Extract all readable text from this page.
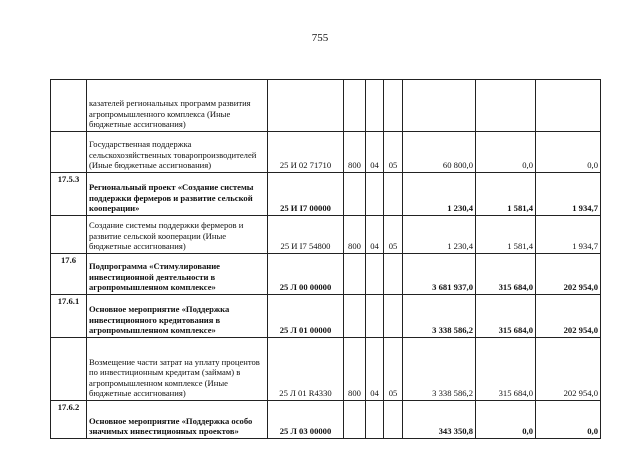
755
	казателей региональных программ развития агропромышленного комплекса (Иные бюджетные ассигнования)							
	Государственная поддержка сельскохозяйственных товаропроизводителей (Иные бюджетные ассигнования)	25 И 02 71710	800	04	05	60 800,0	0,0	0,0
17.5.3	Региональный проект «Создание системы поддержки фермеров и развитие сельской кооперации»	25 И I7 00000				1 230,4	1 581,4	1 934,7
	Создание системы поддержки фермеров и развитие сельской кооперации (Иные бюджетные ассигнования)	25 И I7 54800	800	04	05	1 230,4	1 581,4	1 934,7
17.6	Подпрограмма «Стимулирование инвестиционной деятельности в агропромышленном комплексе»	25 Л 00 00000				3 681 937,0	315 684,0	202 954,0
17.6.1	Основное мероприятие «Поддержка инвестиционного кредитования в агропромышленном комплексе»	25 Л 01 00000				3 338 586,2	315 684,0	202 954,0
	Возмещение части затрат на уплату процентов по инвестиционным кредитам (займам) в агропромышленном комплексе (Иные бюджетные ассигнования)	25 Л 01 R4330	800	04	05	3 338 586,2	315 684,0	202 954,0
17.6.2	Основное мероприятие «Поддержка особо значимых инвестиционных проектов»	25 Л 03 00000				343 350,8	0,0	0,0
